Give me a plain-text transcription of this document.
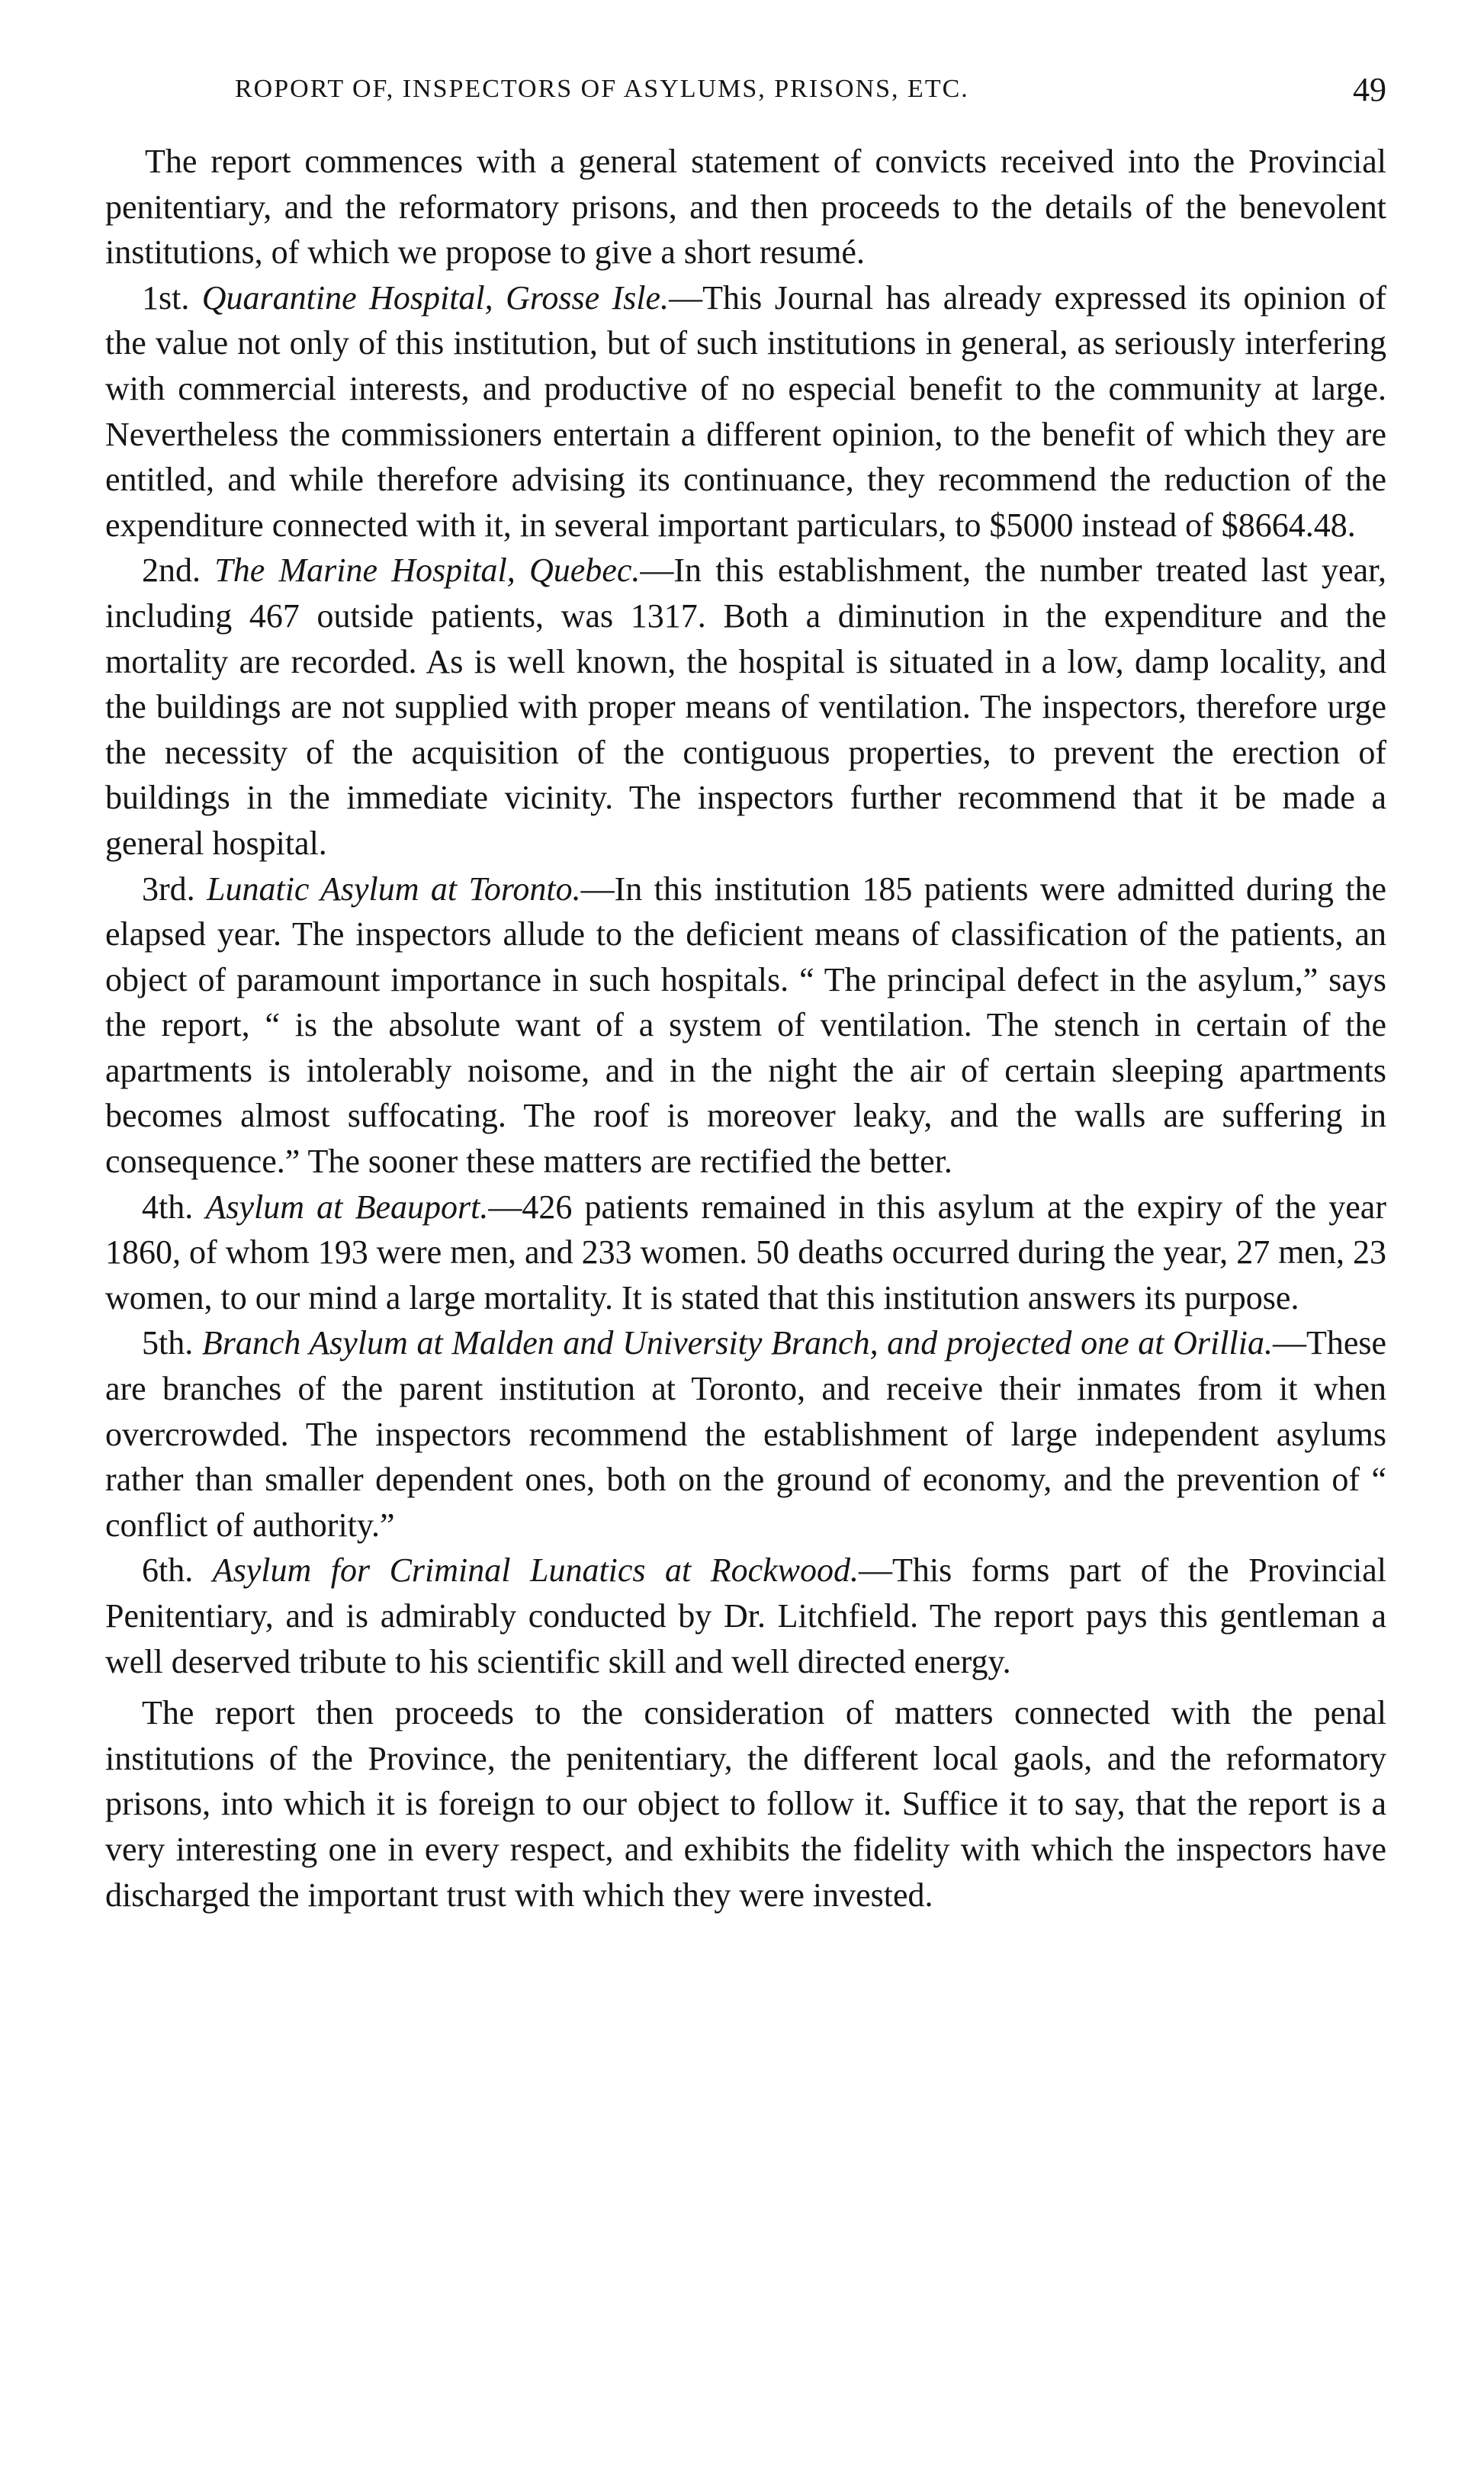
ROPORT OF, INSPECTORS OF ASYLUMS, PRISONS, ETC.	49

The report commences with a general statement of convicts received into the Provincial penitentiary, and the reformatory prisons, and then proceeds to the details of the benevolent institutions, of which we propose to give a short resumé.

1st. Quarantine Hospital, Grosse Isle.—This Journal has already expressed its opinion of the value not only of this institution, but of such institutions in general, as seriously interfering with commercial interests, and productive of no especial benefit to the community at large. Nevertheless the commissioners entertain a different opinion, to the benefit of which they are entitled, and while therefore advising its continuance, they recommend the reduction of the expenditure connected with it, in several important particulars, to $5000 instead of $8664.48.

2nd. The Marine Hospital, Quebec.—In this establishment, the number treated last year, including 467 outside patients, was 1317. Both a diminution in the expenditure and the mortality are recorded. As is well known, the hospital is situated in a low, damp locality, and the buildings are not supplied with proper means of ventilation. The inspectors, therefore urge the necessity of the acquisition of the contiguous properties, to prevent the erection of buildings in the immediate vicinity. The inspectors further recommend that it be made a general hospital.

3rd. Lunatic Asylum at Toronto.—In this institution 185 patients were admitted during the elapsed year. The inspectors allude to the deficient means of classification of the patients, an object of paramount importance in such hospitals. “ The principal defect in the asylum,” says the report, “ is the absolute want of a system of ventilation. The stench in certain of the apartments is intolerably noisome, and in the night the air of certain sleeping apartments becomes almost suffocating. The roof is moreover leaky, and the walls are suffering in consequence.” The sooner these matters are rectified the better.

4th. Asylum at Beauport.—426 patients remained in this asylum at the expiry of the year 1860, of whom 193 were men, and 233 women. 50 deaths occurred during the year, 27 men, 23 women, to our mind a large mortality. It is stated that this institution answers its purpose.

5th. Branch Asylum at Malden and University Branch, and projected one at Orillia.—These are branches of the parent institution at Toronto, and receive their inmates from it when overcrowded. The inspectors recommend the establishment of large independent asylums rather than smaller dependent ones, both on the ground of economy, and the prevention of “ conflict of authority.”

6th. Asylum for Criminal Lunatics at Rockwood.—This forms part of the Provincial Penitentiary, and is admirably conducted by Dr. Litchfield. The report pays this gentleman a well deserved tribute to his scientific skill and well directed energy.

The report then proceeds to the consideration of matters connected with the penal institutions of the Province, the penitentiary, the different local gaols, and the reformatory prisons, into which it is foreign to our object to follow it. Suffice it to say, that the report is a very interesting one in every respect, and exhibits the fidelity with which the inspectors have discharged the important trust with which they were invested.
